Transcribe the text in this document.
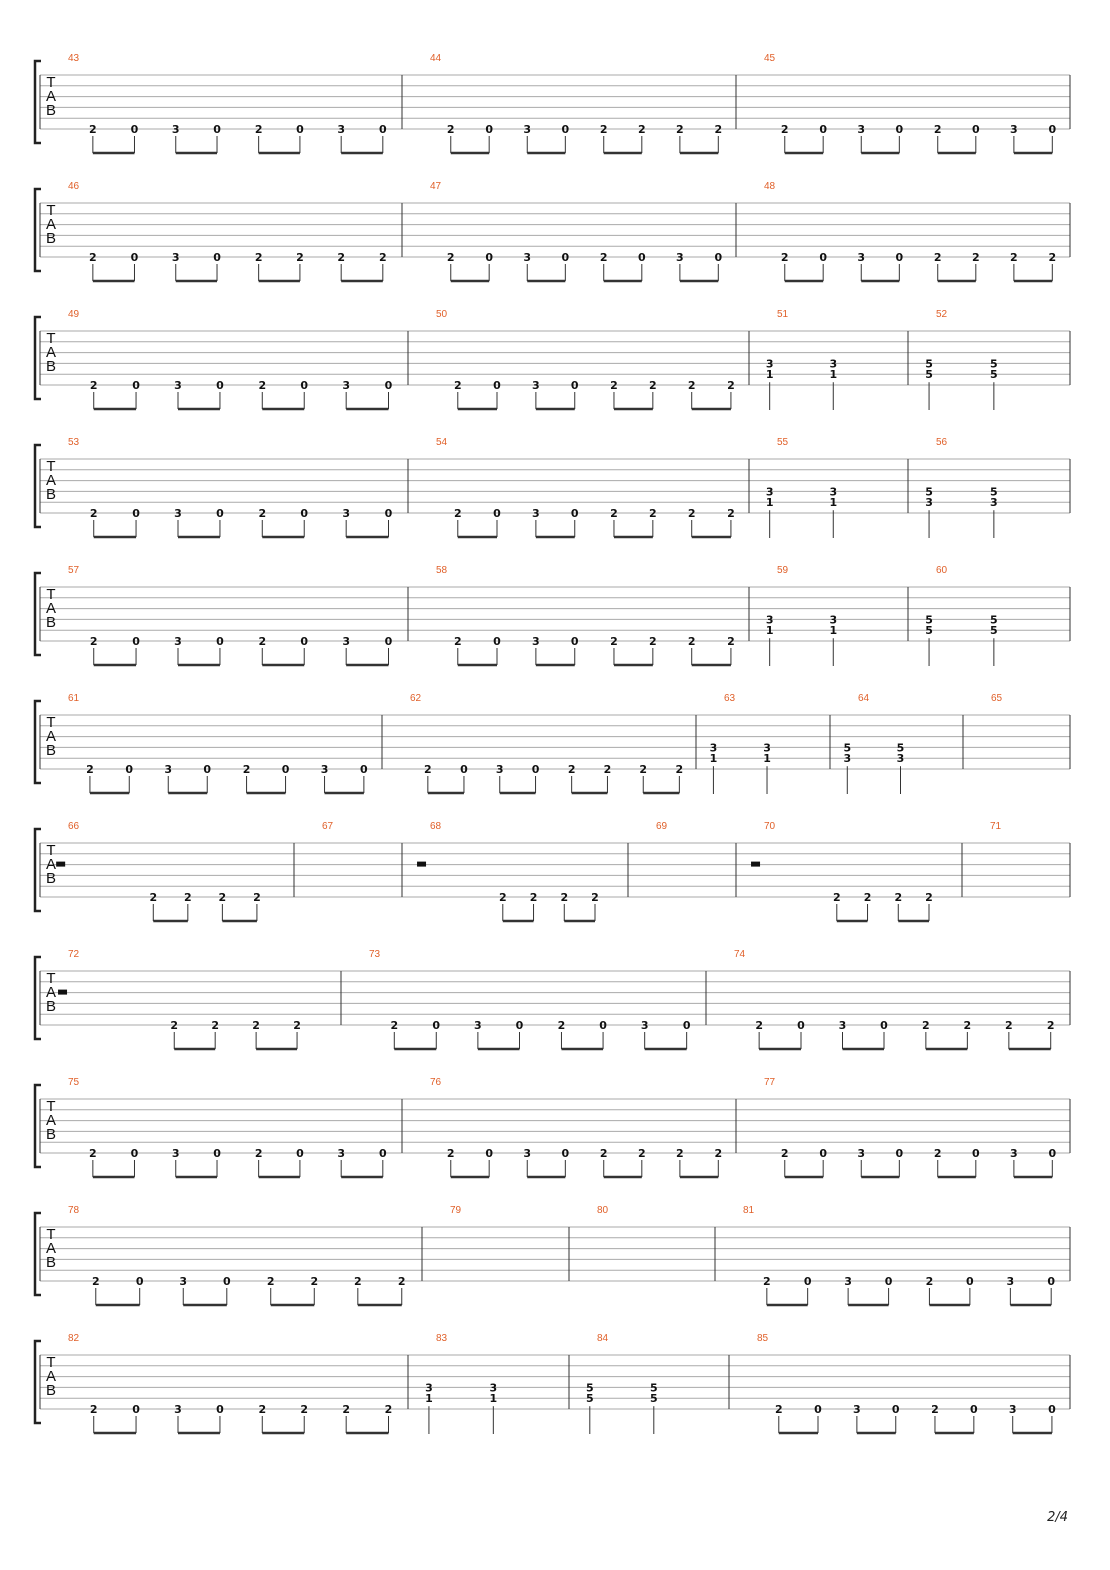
T
A
B
43
2	0	3	0	2	0	3	0
44
2	0	3	0	2	2	2	2
45
2	0	3	0	2	0	3	0
T
A
B
46
2	0	3	0	2	2	2	2
47
2	0	3	0	2	0	3	0
48
2	0	3	0	2	2	2	2
T
A
B
49
2	0	3	0	2	0	3	0
50
2	0	3	0	2	2	2	2
51
3
1
3
1
52
5
5
5
5
T
A
B
53
2	0	3	0	2	0	3	0
54
2	0	3	0	2	2	2	2
55
3
1
3
1
56
5
3
5
3
T
A
B
57
2	0	3	0	2	0	3	0
58
2	0	3	0	2	2	2	2
59
3
1
3
1
60
5
5
5
5
T
A
B
61
2	0	3	0	2	0	3	0
62
2	0	3	0	2	2	2	2
63
3
1
3
1
64
5
3
5
3
65
T
A
B
66
2 2 2 2
67	68
2 2 2 2
69	70
2 2 2 2
71
T
A
B
72
2	2	2	2
73
2	0	3	0	2	0	3	0
74
2	0	3	0	2	2	2	2
T
A
B
75
2	0	3	0	2	0	3	0
76
2	0	3	0	2	2	2	2
77
2	0	3	0	2	0	3	0
T
A
B
78
2	0	3	0	2	2	2	2
79	80	81
2	0	3	0	2	0	3	0
T
A
B
82
2	0	3	0	2	2	2	2
83
3
1
3
1
84
5
5
5
5
85
2	0	3	0	2	0	3	0
2/4
